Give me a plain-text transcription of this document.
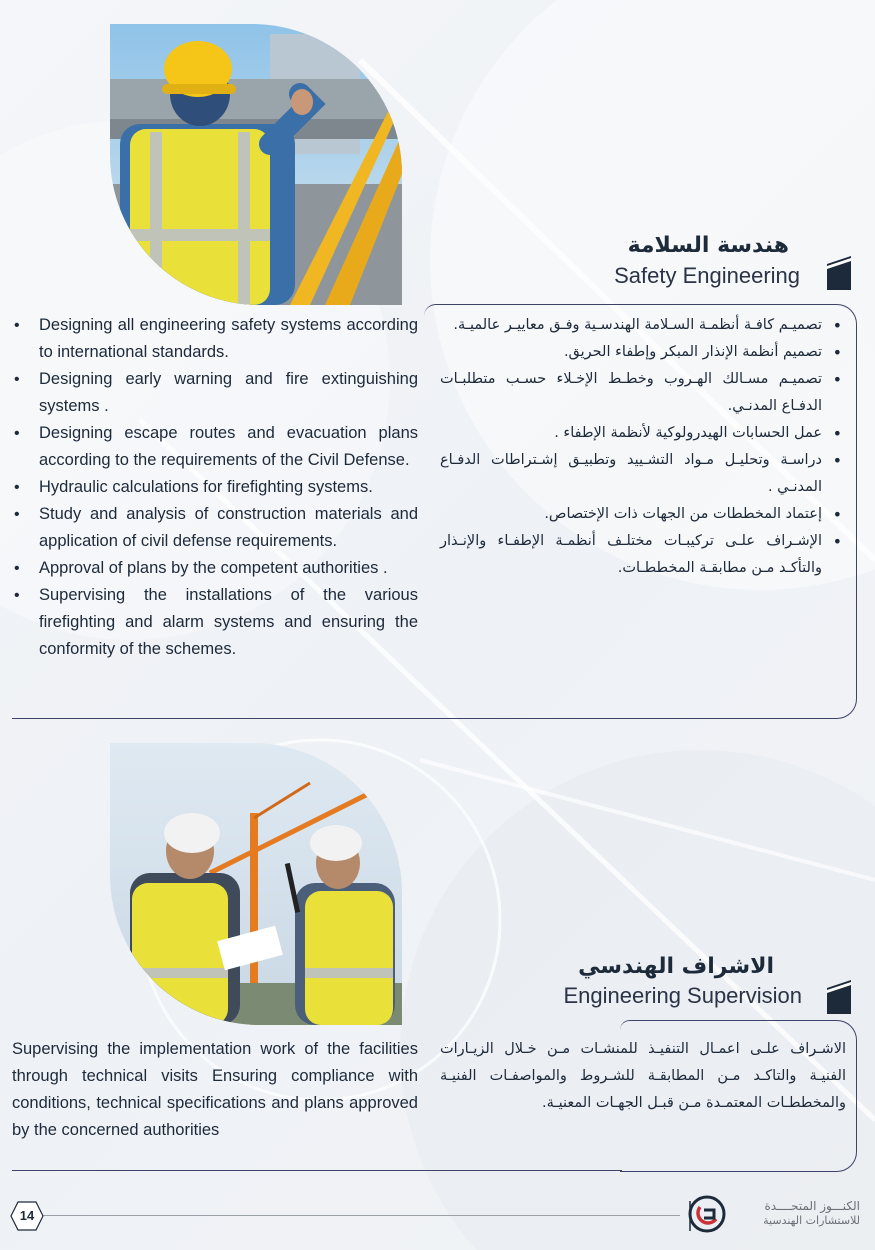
هندسة السلامة
Safety Engineering
• Designing all engineering safety systems according to international standards.
• Designing early warning and fire extinguishing systems .
• Designing escape routes and evacuation plans according to the requirements of the Civil Defense.
• Hydraulic calculations for firefighting systems.
• Study and analysis of construction materials and application of civil defense requirements.
• Approval of plans by the competent authorities .
• Supervising the installations of the various firefighting and alarm systems and ensuring the conformity of the schemes.
• تصميـم كافـة أنظمـة السـلامة الهندسـية وفـق معاييـر عالميـة.
• تصميم أنظمة الإنذار المبكر وإطفاء الحريق.
• تصميـم مسـالك الهـروب وخطـط الإخـلاء حسـب متطلبـات الدفـاع المدنـي.
• عمل الحسابات الهيدرولوكية لأنظمة الإطفاء .
• دراسـة وتحليـل مـواد التشـييد وتطبيـق إشـتراطات الدفـاع المدنـي .
• إعتماد المخططات من الجهات ذات الإختصاص.
• الإشـراف علـى تركيبـات مختلـف أنظمـة الإطفـاء والإنـذار والتأكـد مـن مطابقـة المخططـات.
الاشراف الهندسي
Engineering Supervision
Supervising the implementation work of the facilities through technical visits Ensuring compliance with conditions, technical specifications and plans approved by the concerned authorities
الاشـراف علـى اعمـال التنفيـذ للمنشـات مـن خـلال الزيـارات الفنيـة والتاكـد مـن المطابقـة للشـروط والمواصفـات الفنيـة والمخططـات المعتمـدة مـن قبـل الجهـات المعنيـة.
14
الكنـــوز المتحــــدة
للاستشارات الهندسية
